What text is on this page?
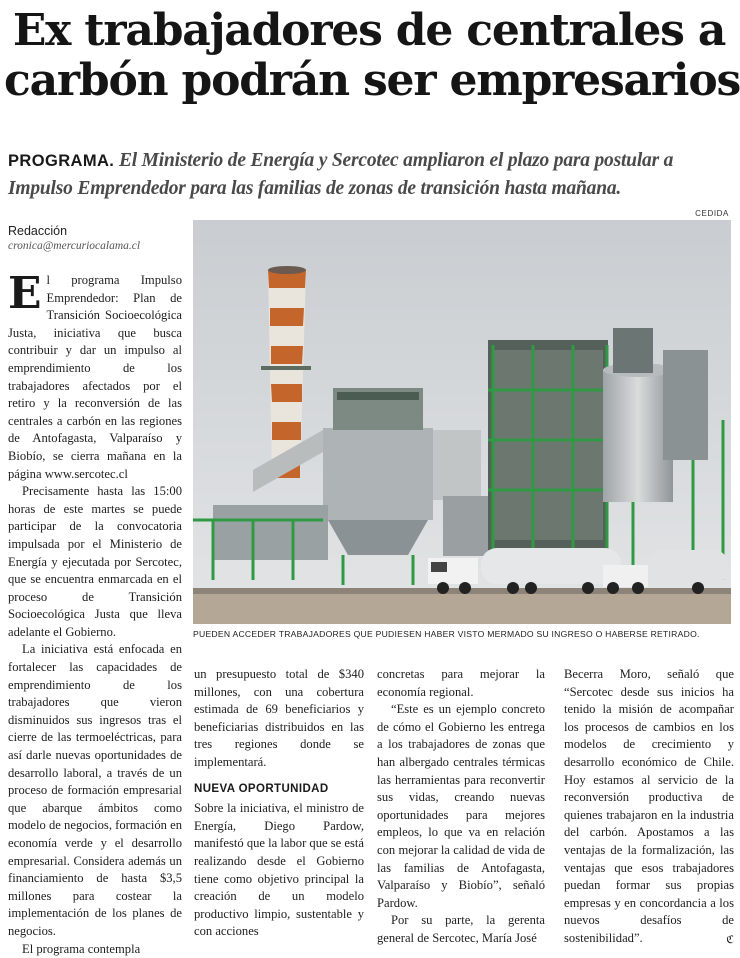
Ex trabajadores de centrales a
carbón podrán ser empresarios
PROGRAMA. El Ministerio de Energía y Sercotec ampliaron el plazo para postular a Impulso Emprendedor para las familias de zonas de transición hasta mañana.
CEDIDA
Redacción
cronica@mercuriocalama.cl
PUEDEN ACCEDER TRABAJADORES QUE PUDIESEN HABER VISTO MERMADO SU INGRESO O HABERSE RETIRADO.

El programa Impulso Emprendedor: Plan de Transición Socioecológica Justa, iniciativa que busca contribuir y dar un impulso al emprendimiento de los trabajadores afectados por el retiro y la reconversión de las centrales a carbón en las regiones de Antofagasta, Valparaíso y Biobío, se cierra mañana en la página www.sercotec.cl

Precisamente hasta las 15:00 horas de este martes se puede participar de la convocatoria impulsada por el Ministerio de Energía y ejecutada por Sercotec, que se encuentra enmarcada en el proceso de Transición Socioecológica Justa que lleva adelante el Gobierno.

La iniciativa está enfocada en fortalecer las capacidades de emprendimiento de los trabajadores que vieron disminuidos sus ingresos tras el cierre de las termoeléctricas, para así darle nuevas oportunidades de desarrollo laboral, a través de un proceso de formación empresarial que abarque ámbitos como modelo de negocios, formación en economía verde y el desarrollo empresarial. Considera además un financiamiento de hasta $3,5 millones para costear la implementación de los planes de negocios.

El programa contempla

un presupuesto total de $340 millones, con una cobertura estimada de 69 beneficiarios y beneficiarias distribuidos en las tres regiones donde se implementará.

NUEVA OPORTUNIDAD

Sobre la iniciativa, el ministro de Energía, Diego Pardow, manifestó que la labor que se está realizando desde el Gobierno tiene como objetivo principal la creación de un modelo productivo limpio, sustentable y con acciones

concretas para mejorar la economía regional.

“Este es un ejemplo concreto de cómo el Gobierno les entrega a los trabajadores de zonas que han albergado centrales térmicas las herramientas para reconvertir sus vidas, creando nuevas oportunidades para mejores empleos, lo que va en relación con mejorar la calidad de vida de las familias de Antofagasta, Valparaíso y Biobío”, señaló Pardow.

Por su parte, la gerenta general de Sercotec, María José

Becerra Moro, señaló que “Sercotec desde sus inicios ha tenido la misión de acompañar los procesos de cambios en los modelos de crecimiento y desarrollo económico de Chile. Hoy estamos al servicio de la reconversión productiva de quienes trabajaron en la industria del carbón. Apostamos a las ventajas de la formalización, las ventajas que esos trabajadores puedan formar sus propias empresas y en concordancia a los nuevos desafíos de sostenibilidad”.	ℭ
